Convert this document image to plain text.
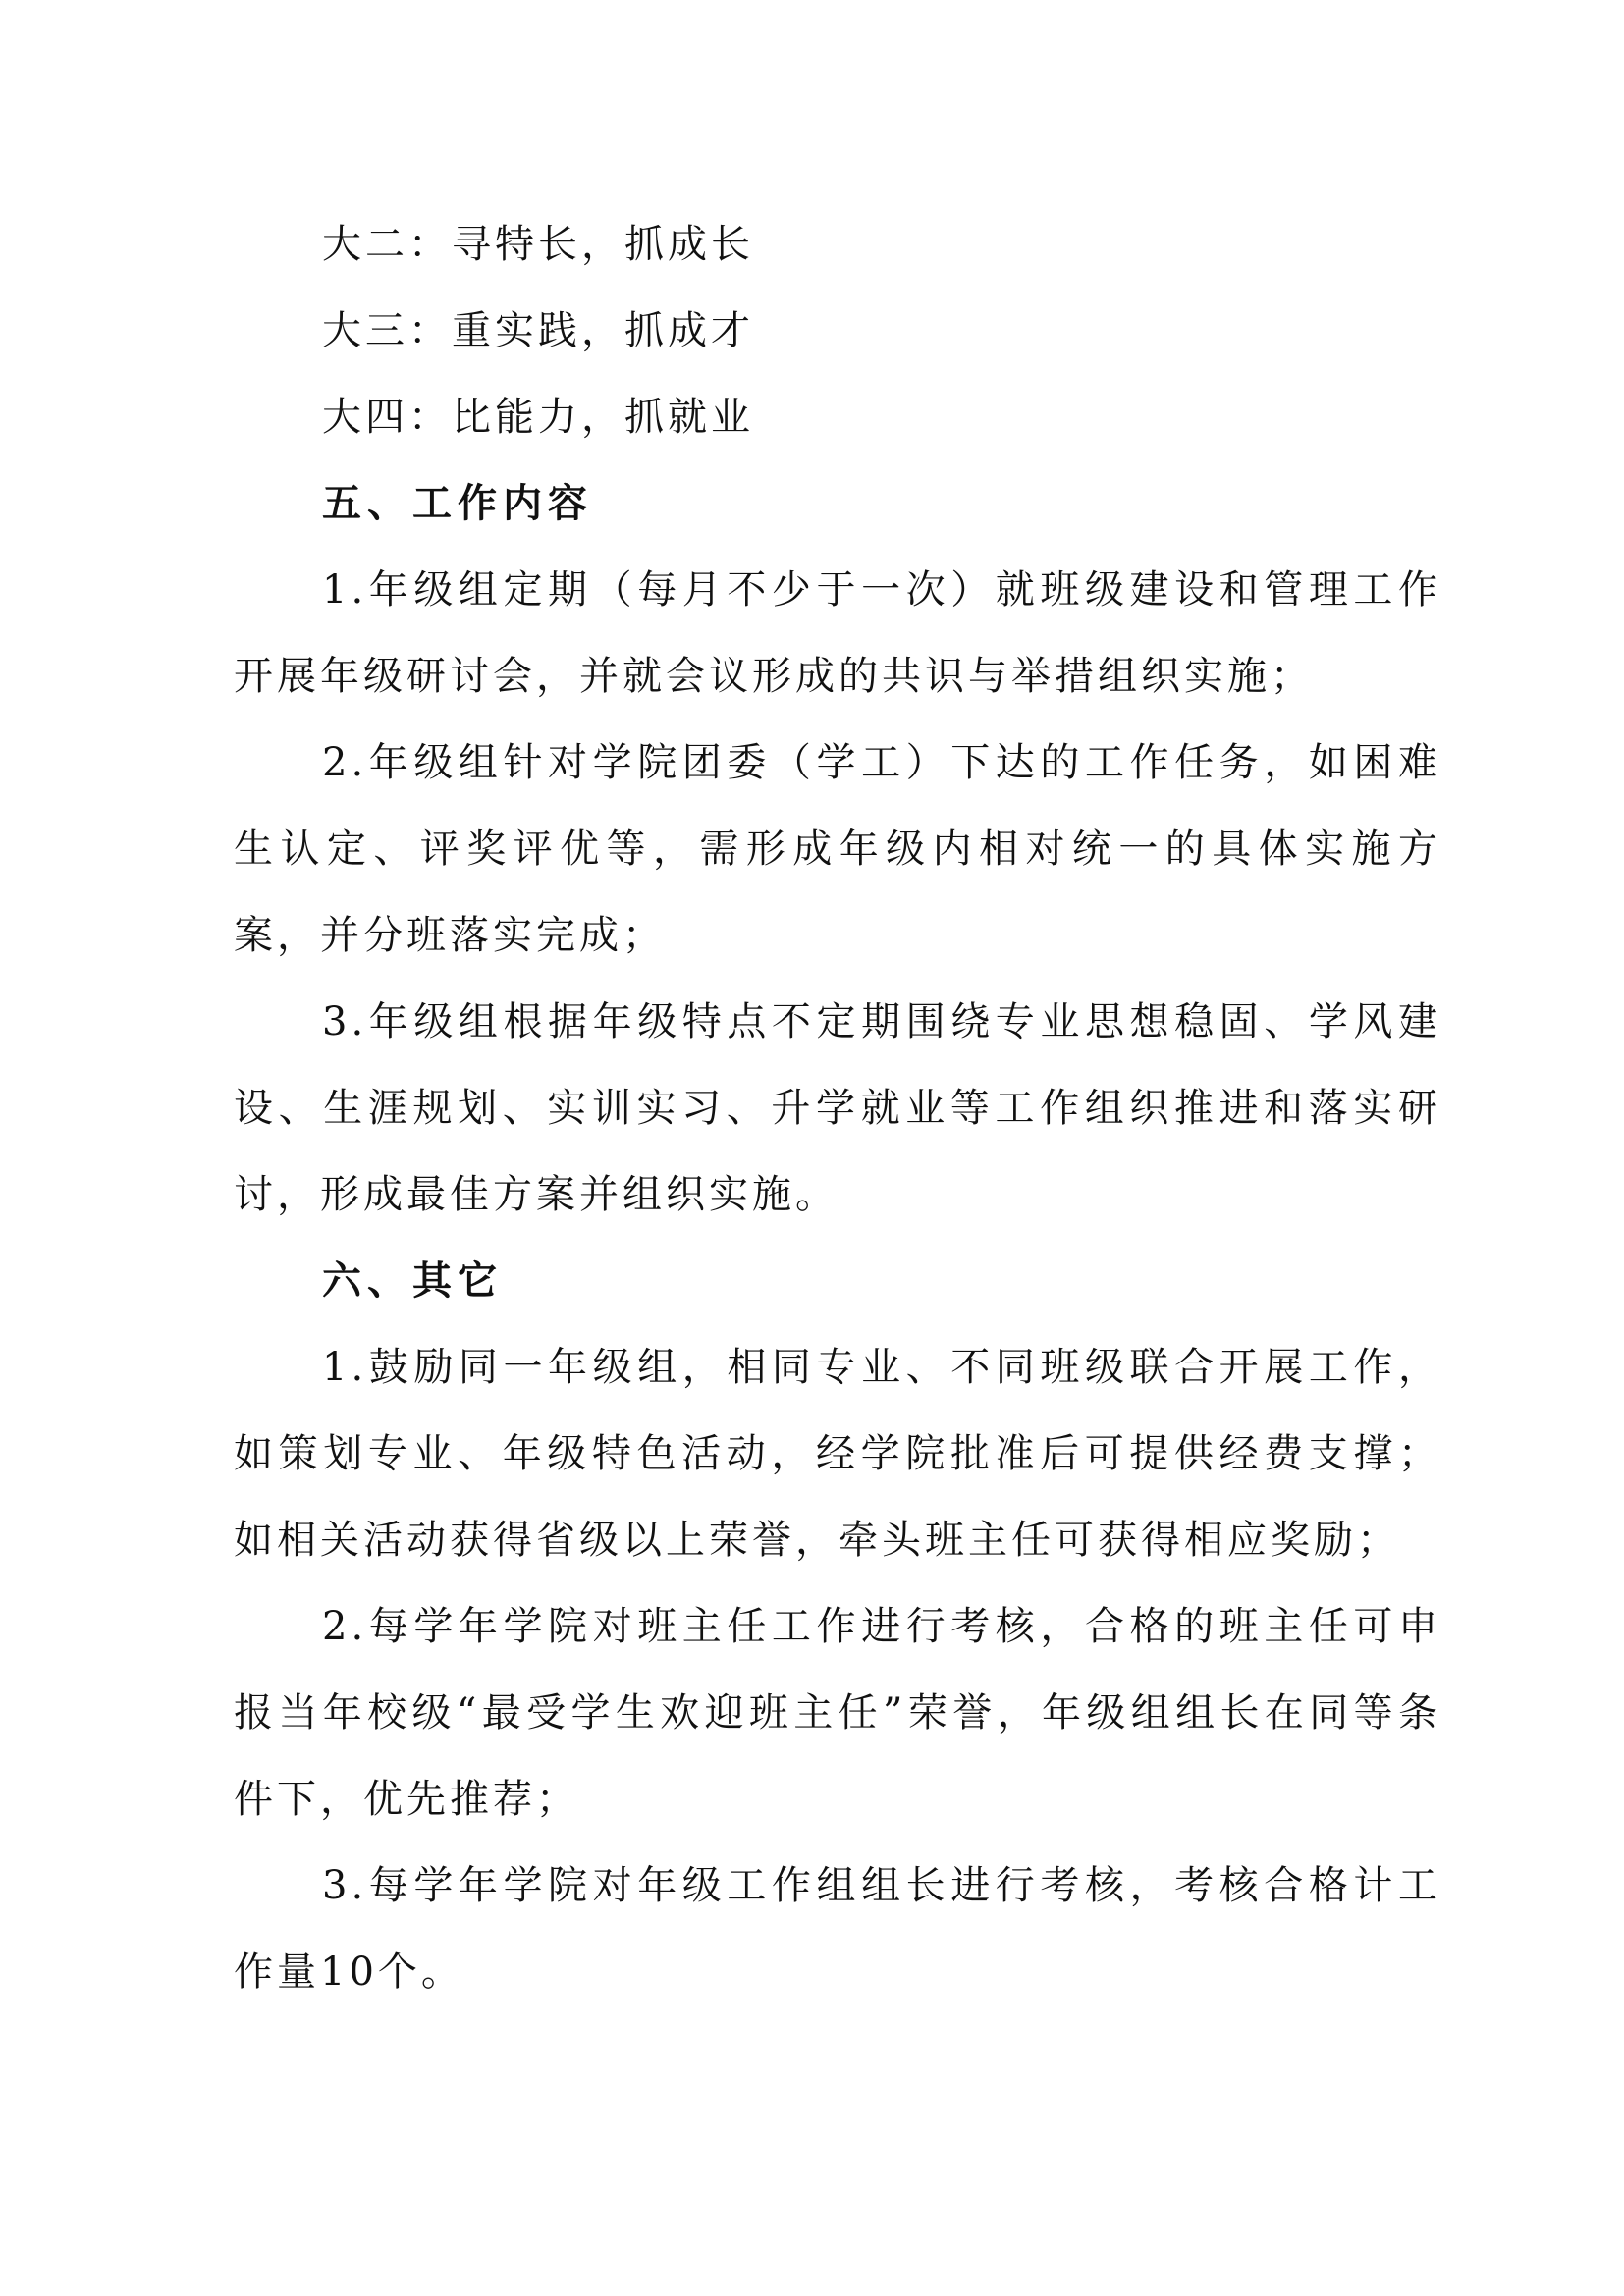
大二：寻特长，抓成长
大三：重实践，抓成才
大四：比能力，抓就业
五、工作内容
1.年级组定期（每月不少于一次）就班级建设和管理工作开展年级研讨会，并就会议形成的共识与举措组织实施；
2.年级组针对学院团委（学工）下达的工作任务，如困难生认定、评奖评优等，需形成年级内相对统一的具体实施方案，并分班落实完成；
3.年级组根据年级特点不定期围绕专业思想稳固、学风建设、生涯规划、实训实习、升学就业等工作组织推进和落实研讨，形成最佳方案并组织实施。
六、其它
1.鼓励同一年级组，相同专业、不同班级联合开展工作，如策划专业、年级特色活动，经学院批准后可提供经费支撑；如相关活动获得省级以上荣誉，牵头班主任可获得相应奖励；
2.每学年学院对班主任工作进行考核，合格的班主任可申报当年校级“最受学生欢迎班主任”荣誉，年级组组长在同等条件下，优先推荐；
3.每学年学院对年级工作组组长进行考核，考核合格计工作量10个。
